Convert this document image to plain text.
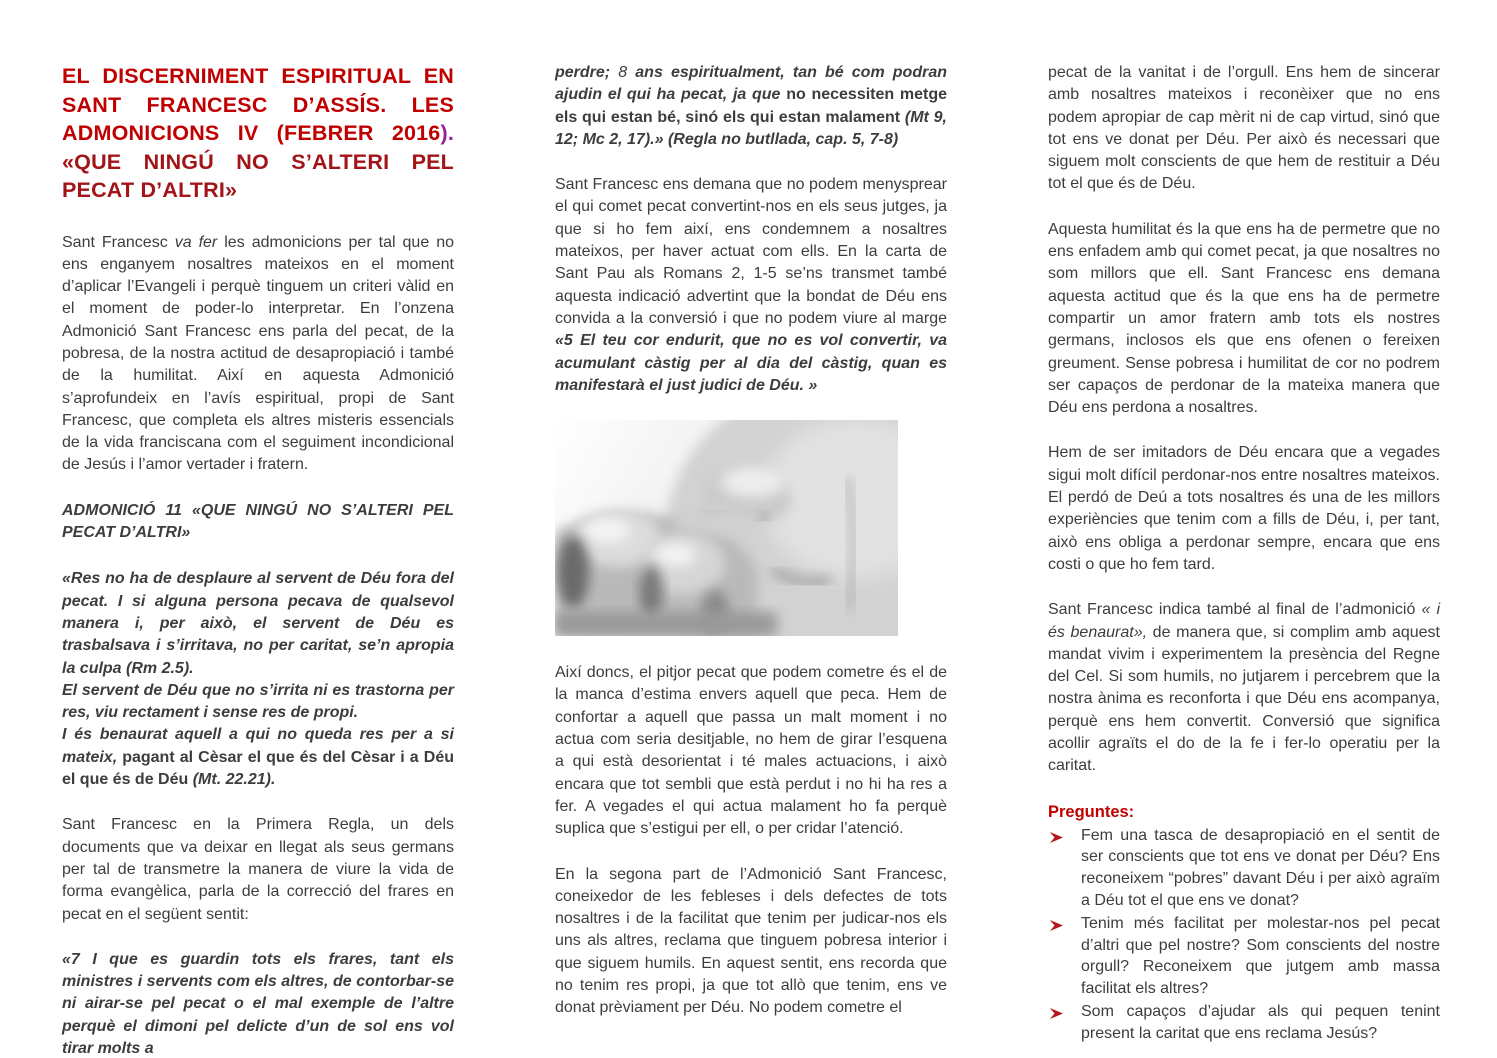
EL DISCERNIMENT ESPIRITUAL EN SANT FRANCESC D’ASSÍS. LES ADMONICIONS IV (FEBRER 2016). «QUE NINGÚ NO S’ALTERI PEL PECAT D’ALTRI»

Sant Francesc va fer les admonicions per tal que no ens enganyem nosaltres mateixos en el moment d’aplicar l’Evangeli i perquè tinguem un criteri vàlid en el moment de poder-lo interpretar. En l’onzena Admonició Sant Francesc ens parla del pecat, de la pobresa, de la nostra actitud de desapropiació i també de la humilitat. Així en aquesta Admonició s’aprofundeix en l’avís espiritual, propi de Sant Francesc, que completa els altres misteris essencials de la vida franciscana com el seguiment incondicional de Jesús i l’amor vertader i fratern.

ADMONICIÓ 11 «QUE NINGÚ NO S’ALTERI PEL PECAT D’ALTRI»

«Res no ha de desplaure al servent de Déu fora del pecat. I si alguna persona pecava de qualsevol manera i, per això, el servent de Déu es trasbalsava i s’irritava, no per caritat, se’n apropia la culpa (Rm 2.5).

El servent de Déu que no s’irrita ni es trastorna per res, viu rectament i sense res de propi.

I és benaurat aquell a qui no queda res per a si mateix, pagant al Cèsar el que és del Cèsar i a Déu el que és de Déu (Mt. 22.21).

Sant Francesc en la Primera Regla, un dels documents que va deixar en llegat als seus germans per tal de transmetre la manera de viure la vida de forma evangèlica, parla de la correcció del frares en pecat en el següent sentit:

«7 I que es guardin tots els frares, tant els ministres i servents com els altres, de contorbar-se ni airar-se pel pecat o el mal exemple de l’altre perquè el dimoni pel delicte d’un de sol ens vol tirar molts a

perdre; 8 ans espiritualment, tan bé com podran ajudin el qui ha pecat, ja que no necessiten metge els qui estan bé, sinó els qui estan malament (Mt 9, 12; Mc 2, 17).» (Regla no butllada, cap. 5, 7-8)

Sant Francesc ens demana que no podem menysprear el qui comet pecat convertint-nos en els seus jutges, ja que si ho fem així, ens condemnem a nosaltres mateixos, per haver actuat com ells. En la carta de Sant Pau als Romans 2, 1-5 se’ns transmet també aquesta indicació advertint que la bondat de Déu ens convida a la conversió i que no podem viure al marge «5 El teu cor endurit, que no es vol convertir, va acumulant càstig per al dia del càstig, quan es manifestarà el just judici de Déu. »

Així doncs, el pitjor pecat que podem cometre és el de la manca d’estima envers aquell que peca. Hem de confortar a aquell que passa un malt moment i no actua com seria desitjable, no hem de girar l’esquena a qui està desorientat i té males actuacions, i això encara que tot sembli que està perdut i no hi ha res a fer. A vegades el qui actua malament ho fa perquè suplica que s’estigui per ell, o per cridar l’atenció.

En la segona part de l’Admonició Sant Francesc, coneixedor de les febleses i dels defectes de tots nosaltres i de la facilitat que tenim per judicar-nos els uns als altres, reclama que tinguem pobresa interior i que siguem humils. En aquest sentit, ens recorda que no tenim res propi, ja que tot allò que tenim, ens ve donat prèviament per Déu. No podem cometre el

pecat de la vanitat i de l’orgull. Ens hem de sincerar amb nosaltres mateixos i reconèixer que no ens podem apropiar de cap mèrit ni de cap virtud, sinó que tot ens ve donat per Déu. Per això és necessari que siguem molt conscients de que hem de restituir a Déu tot el que és de Déu.

Aquesta humilitat és la que ens ha de permetre que no ens enfadem amb qui comet pecat, ja que nosaltres no som millors que ell. Sant Francesc ens demana aquesta actitud que és la que ens ha de permetre compartir un amor fratern amb tots els nostres germans, inclosos els que ens ofenen o fereixen greument. Sense pobresa i humilitat de cor no podrem ser capaços de perdonar de la mateixa manera que Déu ens perdona a nosaltres.

Hem de ser imitadors de Déu encara que a vegades sigui molt difícil perdonar-nos entre nosaltres mateixos. El perdó de Deú a tots nosaltres és una de les millors experiències que tenim com a fills de Déu, i, per tant, això ens obliga a perdonar sempre, encara que ens costi o que ho fem tard.

Sant Francesc indica també al final de l’admonició « i és benaurat», de manera que, si complim amb aquest mandat vivim i experimentem la presència del Regne del Cel. Si som humils, no jutjarem i percebrem que la nostra ànima es reconforta i que Déu ens acompanya, perquè ens hem convertit. Conversió que significa acollir agraïts el do de la fe i fer-lo operatiu per la caritat.

Preguntes:
Fem una tasca de desapropiació en el sentit de ser conscients que tot ens ve donat per Déu? Ens reconeixem “pobres” davant Déu i per això agraïm a Déu tot el que ens ve donat?
Tenim més facilitat per molestar-nos pel pecat d’altri que pel nostre? Som conscients del nostre orgull? Reconeixem que jutgem amb massa facilitat els altres?
Som capaços d’ajudar als qui pequen tenint present la caritat que ens reclama Jesús?
